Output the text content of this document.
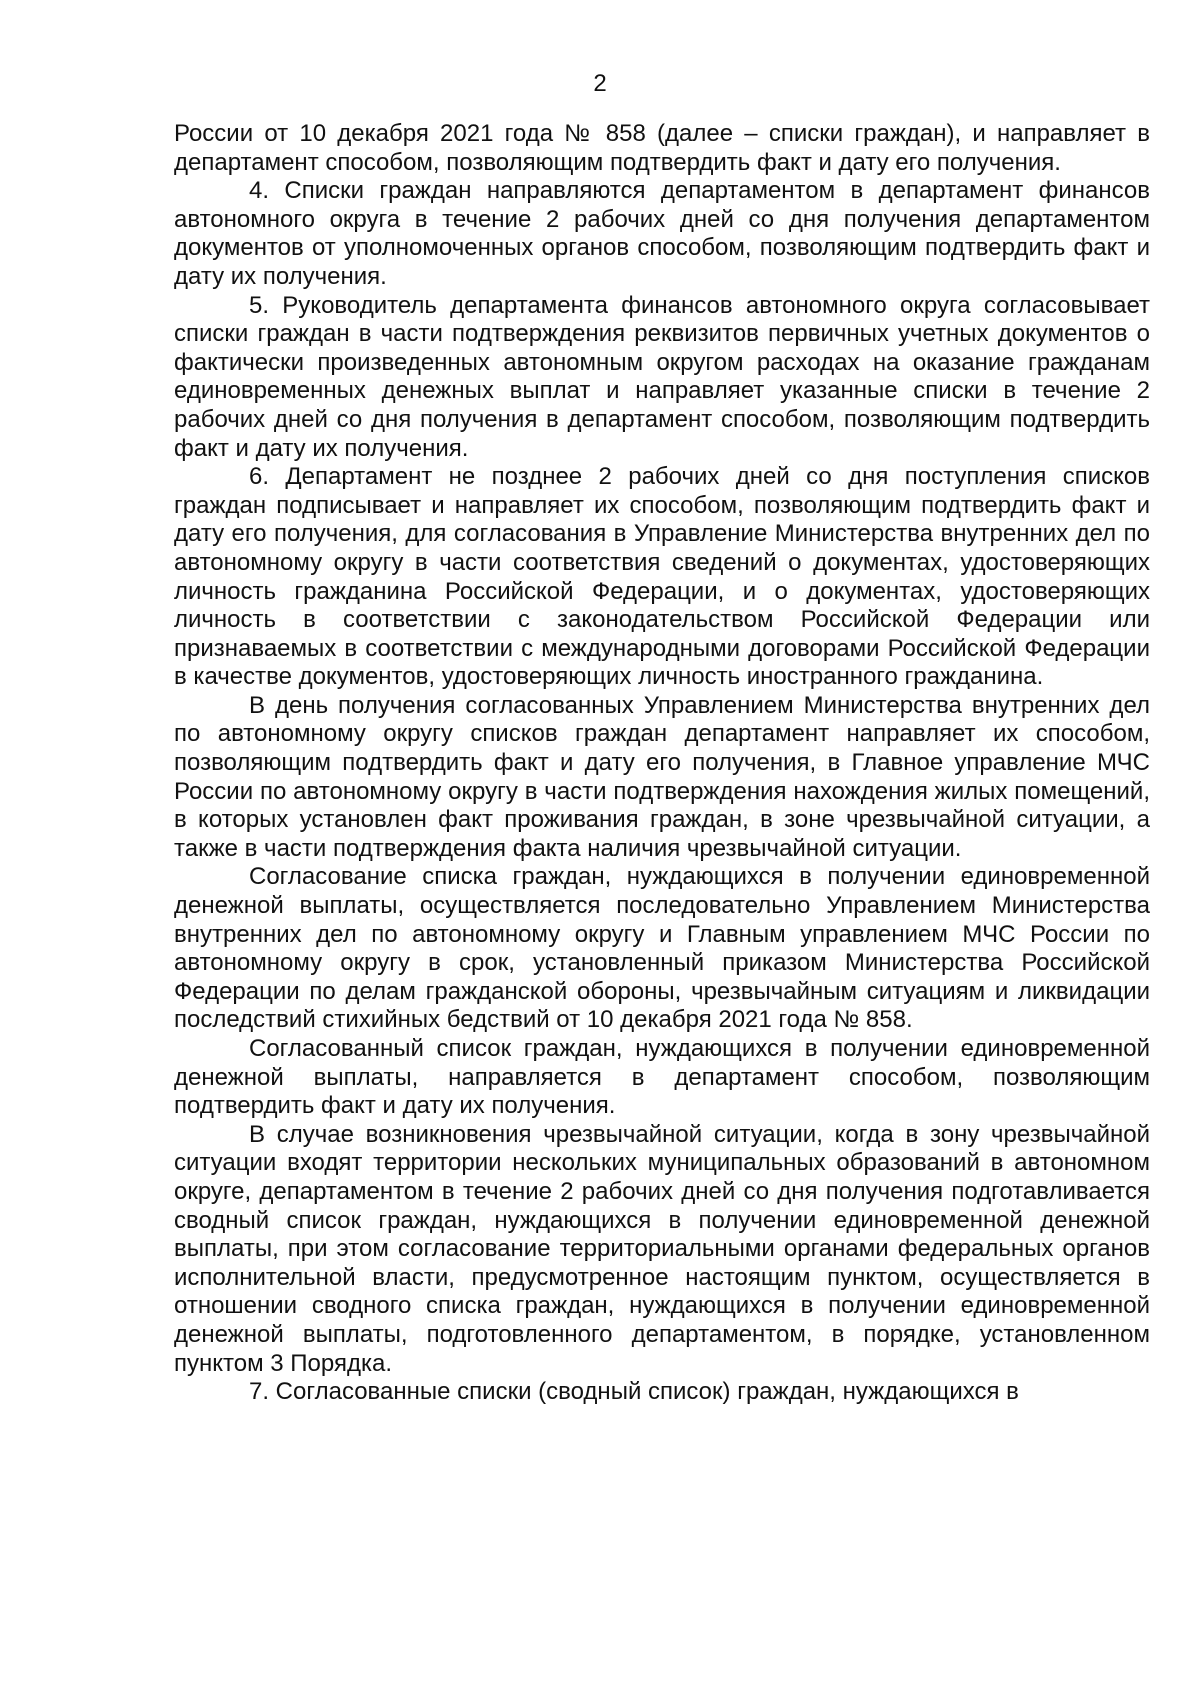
2

России от 10 декабря 2021 года № 858 (далее – списки граждан), и направляет в департамент способом, позволяющим подтвердить факт и дату его получения.

4. Списки граждан направляются департаментом в департамент финансов автономного округа в течение 2 рабочих дней со дня получения департаментом документов от уполномоченных органов способом, позволяющим подтвердить факт и дату их получения.

5. Руководитель департамента финансов автономного округа согласовывает списки граждан в части подтверждения реквизитов первичных учетных документов о фактически произведенных автономным округом расходах на оказание гражданам единовременных денежных выплат и направляет указанные списки в течение 2 рабочих дней со дня получения в департамент способом, позволяющим подтвердить факт и дату их получения.

6. Департамент не позднее 2 рабочих дней со дня поступления списков граждан подписывает и направляет их способом, позволяющим подтвердить факт и дату его получения, для согласования в Управление Министерства внутренних дел по автономному округу в части соответствия сведений о документах, удостоверяющих личность гражданина Российской Федерации, и о документах, удостоверяющих личность в соответствии с законодательством Российской Федерации или признаваемых в соответствии с международными договорами Российской Федерации в качестве документов, удостоверяющих личность иностранного гражданина.

В день получения согласованных Управлением Министерства внутренних дел по автономному округу списков граждан департамент направляет их способом, позволяющим подтвердить факт и дату его получения, в Главное управление МЧС России по автономному округу в части подтверждения нахождения жилых помещений, в которых установлен факт проживания граждан, в зоне чрезвычайной ситуации, а также в части подтверждения факта наличия чрезвычайной ситуации.

Согласование списка граждан, нуждающихся в получении единовременной денежной выплаты, осуществляется последовательно Управлением Министерства внутренних дел по автономному округу и Главным управлением МЧС России по автономному округу в срок, установленный приказом Министерства Российской Федерации по делам гражданской обороны, чрезвычайным ситуациям и ликвидации последствий стихийных бедствий от 10 декабря 2021 года № 858.

Согласованный список граждан, нуждающихся в получении единовременной денежной выплаты, направляется в департамент способом, позволяющим подтвердить факт и дату их получения.

В случае возникновения чрезвычайной ситуации, когда в зону чрезвычайной ситуации входят территории нескольких муниципальных образований в автономном округе, департаментом в течение 2 рабочих дней со дня получения подготавливается сводный список граждан, нуждающихся в получении единовременной денежной выплаты, при этом согласование территориальными органами федеральных органов исполнительной власти, предусмотренное настоящим пунктом, осуществляется в отношении сводного списка граждан, нуждающихся в получении единовременной денежной выплаты, подготовленного департаментом, в порядке, установленном пунктом 3 Порядка.

7. Согласованные списки (сводный список) граждан, нуждающихся в
